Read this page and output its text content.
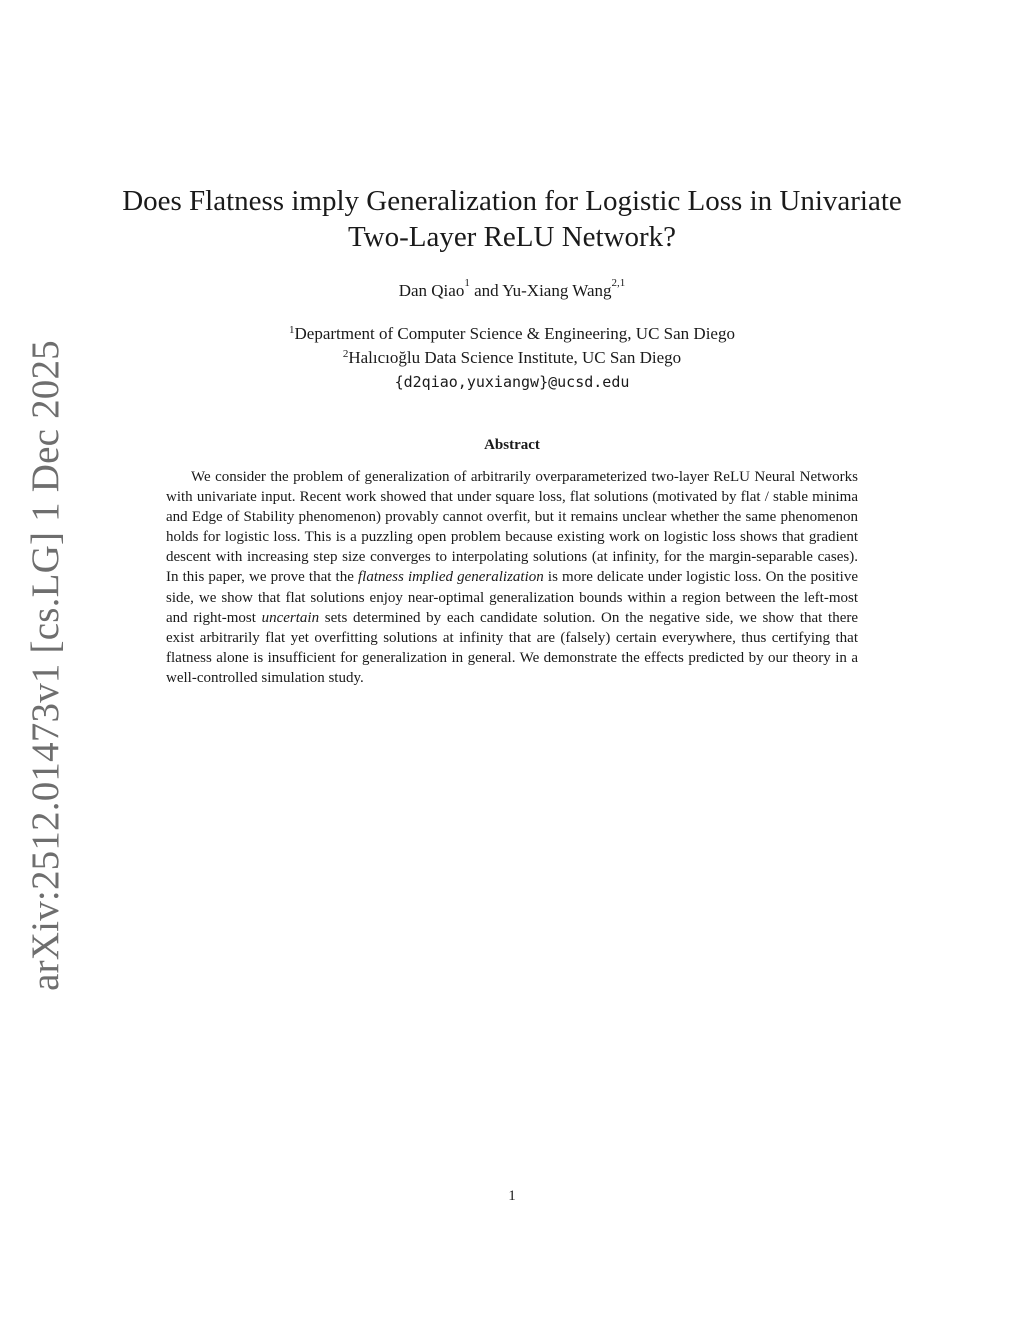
arXiv:2512.01473v1 [cs.LG] 1 Dec 2025
Does Flatness imply Generalization for Logistic Loss in Univariate
Two-Layer ReLU Network?
Dan Qiao$^1$ and Yu-Xiang Wang$^{2,1}$
$^1$Department of Computer Science & Engineering, UC San Diego
$^2$Halıcıoğlu Data Science Institute, UC San Diego
{d2qiao,yuxiangw}@ucsd.edu
Abstract

We consider the problem of generalization of arbitrarily overparameterized two-layer ReLU Neural Networks with univariate input. Recent work showed that under square loss, flat solutions (motivated by flat / stable minima and Edge of Stability phenomenon) provably cannot overfit, but it remains unclear whether the same phenomenon holds for logistic loss. This is a puzzling open problem because existing work on logistic loss shows that gradient descent with increasing step size converges to interpolating solutions (at infinity, for the margin-separable cases). In this paper, we prove that the flatness implied generalization is more delicate under logistic loss. On the positive side, we show that flat solutions enjoy near-optimal generalization bounds within a region between the left-most and right-most uncertain sets determined by each candidate solution. On the negative side, we show that there exist arbitrarily flat yet overfitting solutions at infinity that are (falsely) certain everywhere, thus certifying that flatness alone is insufficient for generalization in general. We demonstrate the effects predicted by our theory in a well-controlled simulation study.

1
